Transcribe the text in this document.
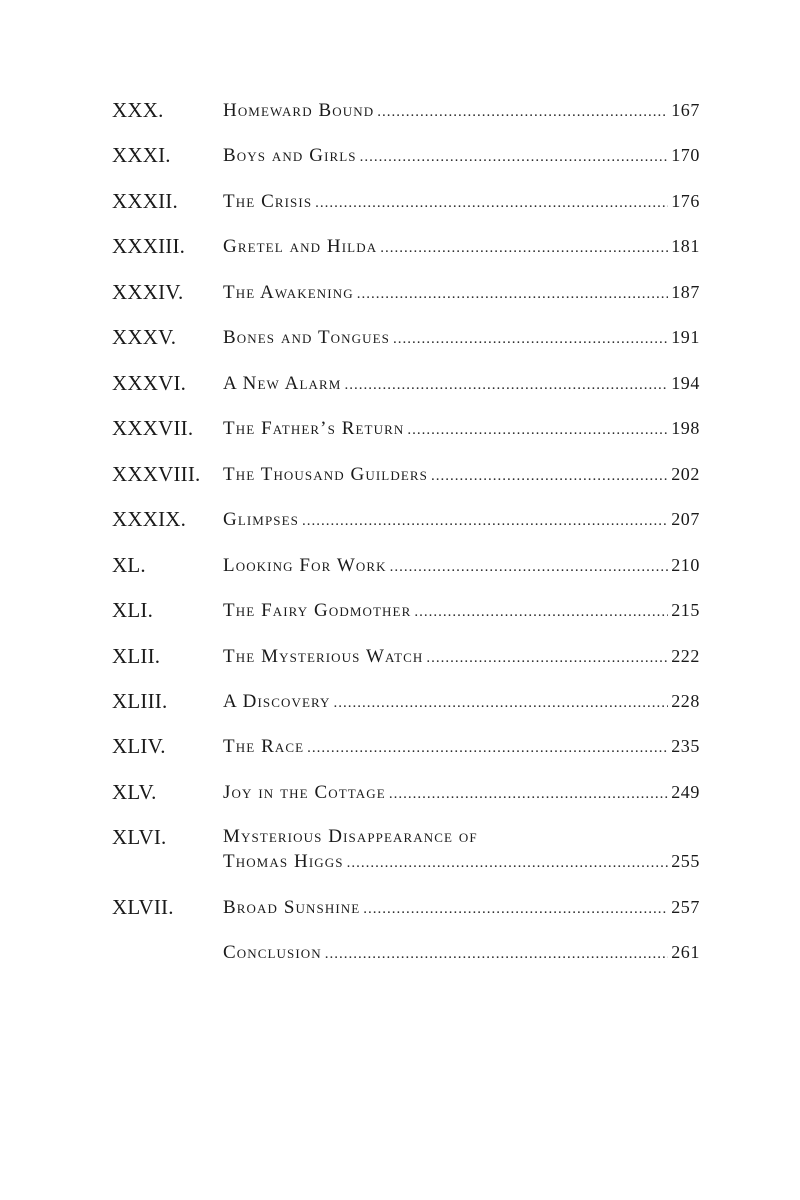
XXX.	Homeward Bound .....	167
XXXI.	Boys and Girls .....	170
XXXII. The Crisis .....	176
XXXIII. Gretel and Hilda .....	181
XXXIV. The Awakening .....	187
XXXV. Bones and Tongues .....	191
XXXVI. A New Alarm .....	194
XXXVII. The Father’s Return .....	198
XXXVIII. The Thousand Guilders .....	202
XXXIX. Glimpses .....	207
XL.	Looking For Work .....	210
XLI.	The Fairy Godmother .....	215
XLII.	The Mysterious Watch .....	222
XLIII.	A Discovery .....	228
XLIV.	The Race .....	235
XLV.	Joy in the Cottage .....	249
XLVI.	Mysterious Disappearance of
Thomas Higgs .....	255
XLVII.	Broad Sunshine .....	257
Conclusion .....	261
